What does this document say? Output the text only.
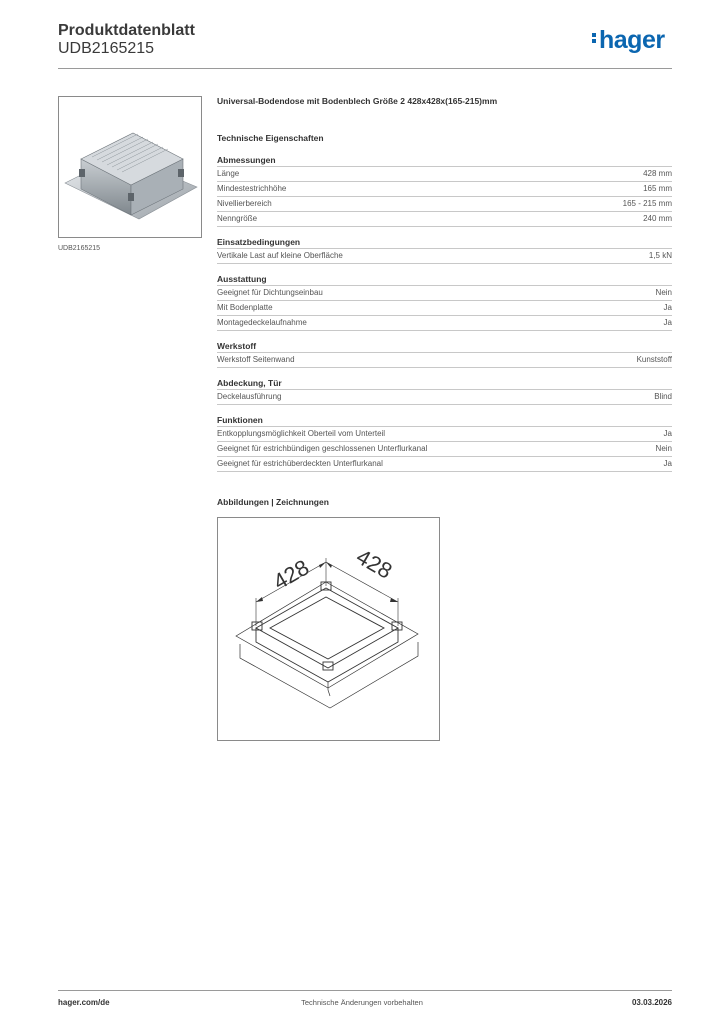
Produktdatenblatt
UDB2165215	hager
UDB2165215
Universal-Bodendose mit Bodenblech Größe 2 428x428x(165-215)mm
Technische Eigenschaften
Abmessungen
Länge	428 mm
Mindestestrichhöhe	165 mm
Nivellierbereich	165 - 215 mm
Nenngröße	240 mm
Einsatzbedingungen
Vertikale Last auf kleine Oberfläche	1,5 kN
Ausstattung
Geeignet für Dichtungseinbau	Nein
Mit Bodenplatte	Ja
Montagedeckelaufnahme	Ja
Werkstoff
Werkstoff Seitenwand	Kunststoff
Abdeckung, Tür
Deckelausführung	Blind
Funktionen
Entkopplungsmöglichkeit Oberteil vom Unterteil	Ja
Geeignet für estrichbündigen geschlossenen Unterflurkanal	Nein
Geeignet für estrichüberdeckten Unterflurkanal	Ja
Abbildungen | Zeichnungen
428 428
hager.com/de	Technische Änderungen vorbehalten	03.03.2026
